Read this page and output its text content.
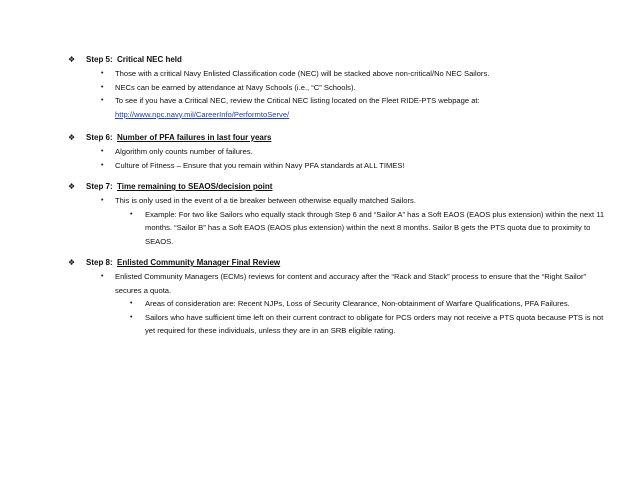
❖	Step 5: Critical NEC held
• Those with a critical Navy Enlisted Classification code (NEC) will be stacked above non-critical/No NEC Sailors.
• NECs can be earned by attendance at Navy Schools (i.e., “C” Schools).
• To see if you have a Critical NEC, review the Critical NEC listing located on the Fleet RIDE-PTS webpage at:
http://www.npc.navy.mil/CareerInfo/PerformtoServe/
❖	Step 6: Number of PFA failures in last four years
• Algorithm only counts number of failures.
• Culture of Fitness – Ensure that you remain within Navy PFA standards at ALL TIMES!
❖	Step 7: Time remaining to SEAOS/decision point
• This is only used in the event of a tie breaker between otherwise equally matched Sailors.
• Example: For two like Sailors who equally stack through Step 6 and “Sailor A” has a Soft EAOS (EAOS plus extension) within the next 11 months. “Sailor B” has a Soft EAOS (EAOS plus extension) within the next 8 months. Sailor B gets the PTS quota due to proximity to SEAOS.
❖	Step 8: Enlisted Community Manager Final Review
• Enlisted Community Managers (ECMs) reviews for content and accuracy after the “Rack and Stack” process to ensure that the “Right Sailor” secures a quota.
• Areas of consideration are: Recent NJPs, Loss of Security Clearance, Non-obtainment of Warfare Qualifications, PFA Failures.
• Sailors who have sufficient time left on their current contract to obligate for PCS orders may not receive a PTS quota because PTS is not yet required for these individuals, unless they are in an SRB eligible rating.
